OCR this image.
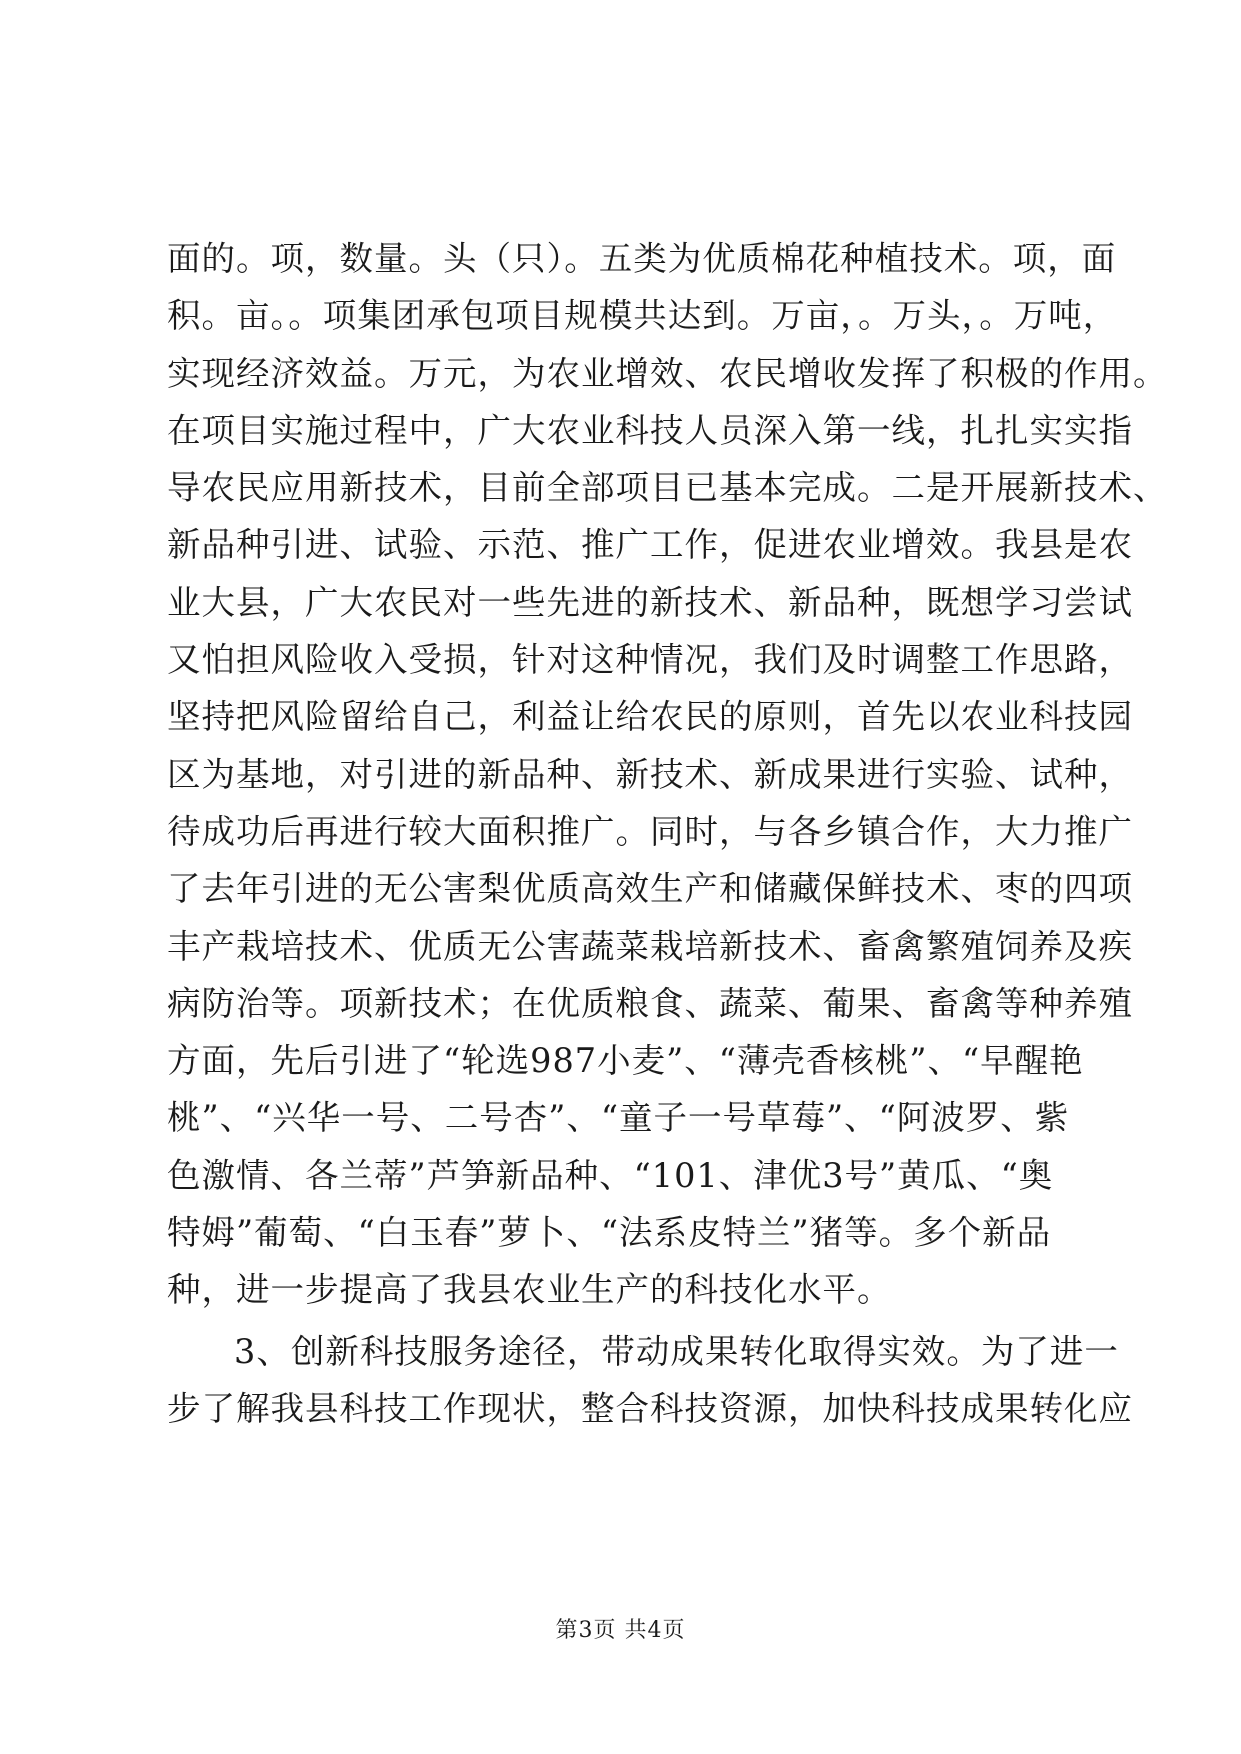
面的。项，数量。头（只）。五类为优质棉花种植技术。项，面
积。亩。。项集团承包项目规模共达到。万亩，。万头，。万吨，
实现经济效益。万元，为农业增效、农民增收发挥了积极的作用。
在项目实施过程中，广大农业科技人员深入第一线，扎扎实实指
导农民应用新技术，目前全部项目已基本完成。二是开展新技术、
新品种引进、试验、示范、推广工作，促进农业增效。我县是农
业大县，广大农民对一些先进的新技术、新品种，既想学习尝试
又怕担风险收入受损，针对这种情况，我们及时调整工作思路，
坚持把风险留给自己，利益让给农民的原则，首先以农业科技园
区为基地，对引进的新品种、新技术、新成果进行实验、试种，
待成功后再进行较大面积推广。同时，与各乡镇合作，大力推广
了去年引进的无公害梨优质高效生产和储藏保鲜技术、枣的四项
丰产栽培技术、优质无公害蔬菜栽培新技术、畜禽繁殖饲养及疾
病防治等。项新技术；在优质粮食、蔬菜、葡果、畜禽等种养殖
方面，先后引进了“轮选987小麦”、“薄壳香核桃”、“早醒艳
桃”、“兴华一号、二号杏”、“童子一号草莓”、“阿波罗、紫
色激情、各兰蒂”芦笋新品种、“101、津优3号”黄瓜、“奥
特姆”葡萄、“白玉春”萝卜、“法系皮特兰”猪等。多个新品
种，进一步提高了我县农业生产的科技化水平。
3、创新科技服务途径，带动成果转化取得实效。为了进一
步了解我县科技工作现状，整合科技资源，加快科技成果转化应
第3页 共4页
